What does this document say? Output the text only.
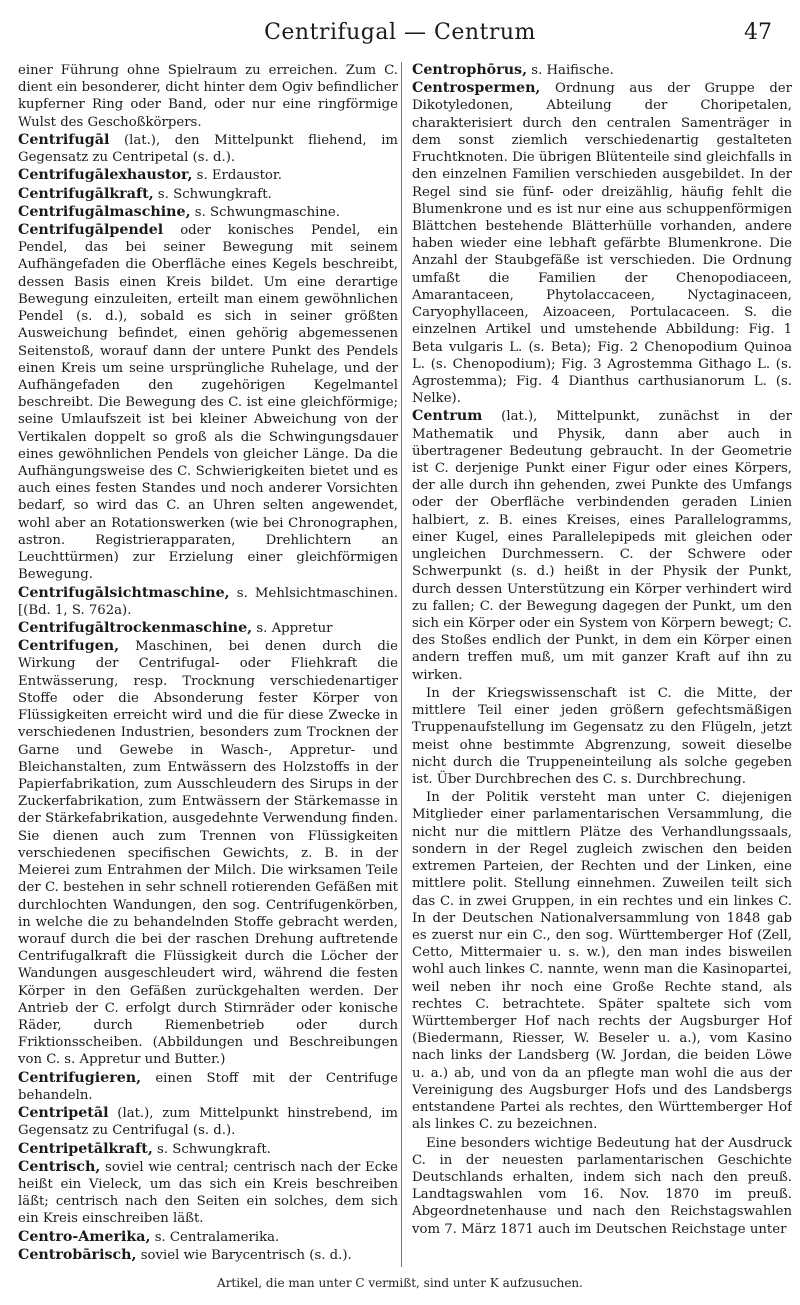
Centrifugal — Centrum	47

einer Führung ohne Spielraum zu erreichen. Zum C. dient ein besonderer, dicht hinter dem Ogiv befindlicher kupferner Ring oder Band, oder nur eine ringförmige Wulst des Geschoßkörpers.

Centrifugāl (lat.), den Mittelpunkt fliehend, im Gegensatz zu Centripetal (s. d.).

Centrifugālexhaustor, s. Erdaustor.

Centrifugālkraft, s. Schwungkraft.

Centrifugālmaschine, s. Schwungmaschine.

Centrifugālpendel oder konisches Pendel, ein Pendel, das bei seiner Bewegung mit seinem Aufhängefaden die Oberfläche eines Kegels beschreibt, dessen Basis einen Kreis bildet. Um eine derartige Bewegung einzuleiten, erteilt man einem gewöhnlichen Pendel (s. d.), sobald es sich in seiner größten Ausweichung befindet, einen gehörig abgemessenen Seitenstoß, worauf dann der untere Punkt des Pendels einen Kreis um seine ursprüngliche Ruhelage, und der Aufhängefaden den zugehörigen Kegelmantel beschreibt. Die Bewegung des C. ist eine gleichförmige; seine Umlaufszeit ist bei kleiner Abweichung von der Vertikalen doppelt so groß als die Schwingungsdauer eines gewöhnlichen Pendels von gleicher Länge. Da die Aufhängungsweise des C. Schwierigkeiten bietet und es auch eines festen Standes und noch anderer Vorsichten bedarf, so wird das C. an Uhren selten angewendet, wohl aber an Rotationswerken (wie bei Chronographen, astron. Registrierapparaten, Drehlichtern an Leuchttürmen) zur Erzielung einer gleichförmigen Bewegung.

Centrifugālsichtmaschine, s. Mehlsichtmaschinen. [(Bd. 1, S. 762a).

Centrifugāltrockenmaschine, s. Appretur

Centrifugen, Maschinen, bei denen durch die Wirkung der Centrifugal- oder Fliehkraft die Entwässerung, resp. Trocknung verschiedenartiger Stoffe oder die Absonderung fester Körper von Flüssigkeiten erreicht wird und die für diese Zwecke in verschiedenen Industrien, besonders zum Trocknen der Garne und Gewebe in Wasch-, Appretur- und Bleichanstalten, zum Entwässern des Holzstoffs in der Papierfabrikation, zum Ausschleudern des Sirups in der Zuckerfabrikation, zum Entwässern der Stärkemasse in der Stärkefabrikation, ausgedehnte Verwendung finden. Sie dienen auch zum Trennen von Flüssigkeiten verschiedenen specifischen Gewichts, z. B. in der Meierei zum Entrahmen der Milch. Die wirksamen Teile der C. bestehen in sehr schnell rotierenden Gefäßen mit durchlochten Wandungen, den sog. Centrifugenkörben, in welche die zu behandelnden Stoffe gebracht werden, worauf durch die bei der raschen Drehung auftretende Centrifugalkraft die Flüssigkeit durch die Löcher der Wandungen ausgeschleudert wird, während die festen Körper in den Gefäßen zurückgehalten werden. Der Antrieb der C. erfolgt durch Stirnräder oder konische Räder, durch Riemenbetrieb oder durch Friktionsscheiben. (Abbildungen und Beschreibungen von C. s. Appretur und Butter.)

Centrifugieren, einen Stoff mit der Centrifuge behandeln.

Centripetāl (lat.), zum Mittelpunkt hinstrebend, im Gegensatz zu Centrifugal (s. d.).

Centripetālkraft, s. Schwungkraft.

Centrisch, soviel wie central; centrisch nach der Ecke heißt ein Vieleck, um das sich ein Kreis beschreiben läßt; centrisch nach den Seiten ein solches, dem sich ein Kreis einschreiben läßt.

Centro-Amerika, s. Centralamerika.

Centrobārisch, soviel wie Barycentrisch (s. d.).

Centrophōrus, s. Haifische.

Centrospermen, Ordnung aus der Gruppe der Dikotyledonen, Abteilung der Choripetalen, charakterisiert durch den centralen Samenträger in dem sonst ziemlich verschiedenartig gestalteten Fruchtknoten. Die übrigen Blütenteile sind gleichfalls in den einzelnen Familien verschieden ausgebildet. In der Regel sind sie fünf- oder dreizählig, häufig fehlt die Blumenkrone und es ist nur eine aus schuppenförmigen Blättchen bestehende Blätterhülle vorhanden, andere haben wieder eine lebhaft gefärbte Blumenkrone. Die Anzahl der Staubgefäße ist verschieden. Die Ordnung umfaßt die Familien der Chenopodiaceen, Amarantaceen, Phytolaccaceen, Nyctaginaceen, Caryophyllaceen, Aizoaceen, Portulacaceen. S. die einzelnen Artikel und umstehende Abbildung: Fig. 1 Beta vulgaris L. (s. Beta); Fig. 2 Chenopodium Quinoa L. (s. Chenopodium); Fig. 3 Agrostemma Githago L. (s. Agrostemma); Fig. 4 Dianthus carthusianorum L. (s. Nelke).

Centrum (lat.), Mittelpunkt, zunächst in der Mathematik und Physik, dann aber auch in übertragener Bedeutung gebraucht. In der Geometrie ist C. derjenige Punkt einer Figur oder eines Körpers, der alle durch ihn gehenden, zwei Punkte des Umfangs oder der Oberfläche verbindenden geraden Linien halbiert, z. B. eines Kreises, eines Parallelogramms, einer Kugel, eines Parallelepipeds mit gleichen oder ungleichen Durchmessern. C. der Schwere oder Schwerpunkt (s. d.) heißt in der Physik der Punkt, durch dessen Unterstützung ein Körper verhindert wird zu fallen; C. der Bewegung dagegen der Punkt, um den sich ein Körper oder ein System von Körpern bewegt; C. des Stoßes endlich der Punkt, in dem ein Körper einen andern treffen muß, um mit ganzer Kraft auf ihn zu wirken.

In der Kriegswissenschaft ist C. die Mitte, der mittlere Teil einer jeden größern gefechtsmäßigen Truppenaufstellung im Gegensatz zu den Flügeln, jetzt meist ohne bestimmte Abgrenzung, soweit dieselbe nicht durch die Truppeneinteilung als solche gegeben ist. Über Durchbrechen des C. s. Durchbrechung.

In der Politik versteht man unter C. diejenigen Mitglieder einer parlamentarischen Versammlung, die nicht nur die mittlern Plätze des Verhandlungssaals, sondern in der Regel zugleich zwischen den beiden extremen Parteien, der Rechten und der Linken, eine mittlere polit. Stellung einnehmen. Zuweilen teilt sich das C. in zwei Gruppen, in ein rechtes und ein linkes C. In der Deutschen Nationalversammlung von 1848 gab es zuerst nur ein C., den sog. Württemberger Hof (Zell, Cetto, Mittermaier u. s. w.), den man indes bisweilen wohl auch linkes C. nannte, wenn man die Kasinopartei, weil neben ihr noch eine Große Rechte stand, als rechtes C. betrachtete. Später spaltete sich vom Württemberger Hof nach rechts der Augsburger Hof (Biedermann, Riesser, W. Beseler u. a.), vom Kasino nach links der Landsberg (W. Jordan, die beiden Löwe u. a.) ab, und von da an pflegte man wohl die aus der Vereinigung des Augsburger Hofs und des Landsbergs entstandene Partei als rechtes, den Württemberger Hof als linkes C. zu bezeichnen.

Eine besonders wichtige Bedeutung hat der Ausdruck C. in der neuesten parlamentarischen Geschichte Deutschlands erhalten, indem sich nach den preuß. Landtagswahlen vom 16. Nov. 1870 im preuß. Abgeordnetenhause und nach den Reichstagswahlen vom 7. März 1871 auch im Deutschen Reichstage unter

Artikel, die man unter C vermißt, sind unter K aufzusuchen.
